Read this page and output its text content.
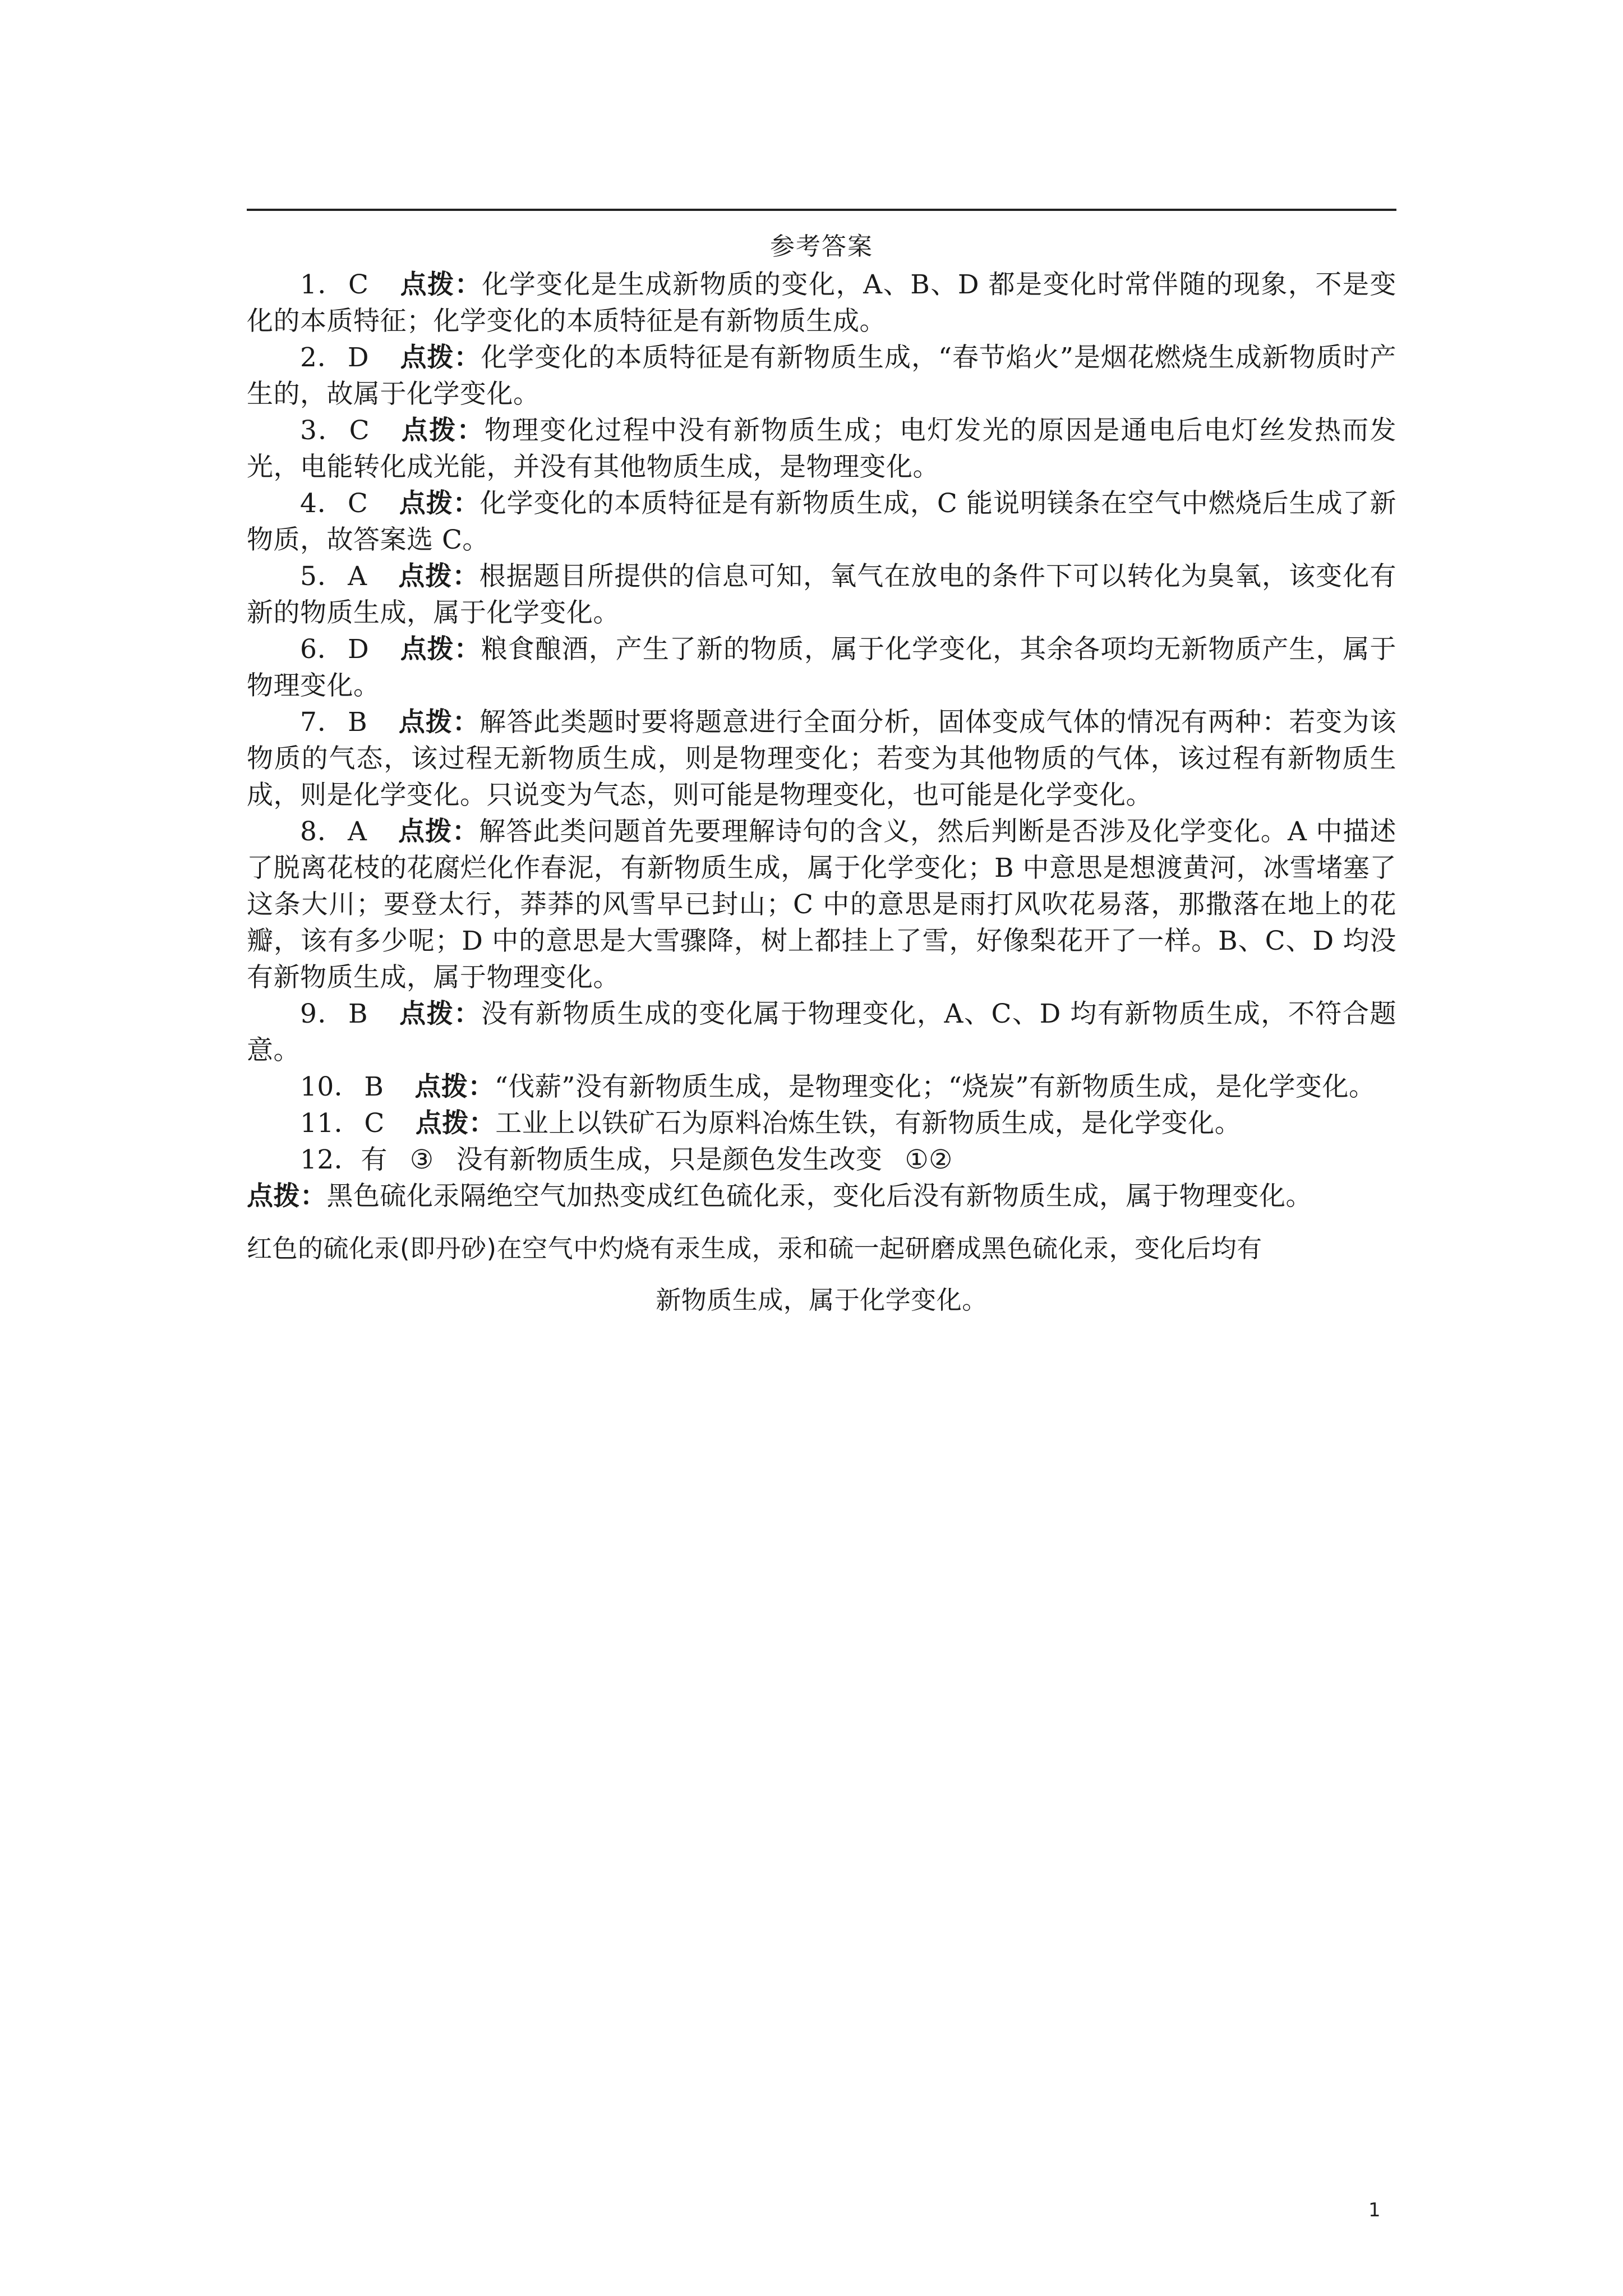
参考答案

1． C 点拨：化学变化是生成新物质的变化，A、B、D 都是变化时常伴随的现象，不是变化的本质特征；化学变化的本质特征是有新物质生成。

2． D 点拨：化学变化的本质特征是有新物质生成，“春节焰火”是烟花燃烧生成新物质时产生的，故属于化学变化。

3． C 点拨：物理变化过程中没有新物质生成；电灯发光的原因是通电后电灯丝发热而发光，电能转化成光能，并没有其他物质生成，是物理变化。

4． C 点拨：化学变化的本质特征是有新物质生成，C 能说明镁条在空气中燃烧后生成了新物质，故答案选 C。

5． A 点拨：根据题目所提供的信息可知，氧气在放电的条件下可以转化为臭氧，该变化有新的物质生成，属于化学变化。

6． D 点拨：粮食酿酒，产生了新的物质，属于化学变化，其余各项均无新物质产生，属于物理变化。

7． B 点拨：解答此类题时要将题意进行全面分析，固体变成气体的情况有两种：若变为该物质的气态，该过程无新物质生成，则是物理变化；若变为其他物质的气体，该过程有新物质生成，则是化学变化。只说变为气态，则可能是物理变化，也可能是化学变化。

8． A 点拨：解答此类问题首先要理解诗句的含义，然后判断是否涉及化学变化。A 中描述了脱离花枝的花腐烂化作春泥，有新物质生成，属于化学变化；B 中意思是想渡黄河，冰雪堵塞了这条大川；要登太行，莽莽的风雪早已封山；C 中的意思是雨打风吹花易落，那撒落在地上的花瓣，该有多少呢；D 中的意思是大雪骤降，树上都挂上了雪，好像梨花开了一样。B、C、D 均没有新物质生成，属于物理变化。

9． B 点拨：没有新物质生成的变化属于物理变化，A、C、D 均有新物质生成，不符合题意。

10． B 点拨：“伐薪”没有新物质生成，是物理变化；“烧炭”有新物质生成，是化学变化。

11． C 点拨：工业上以铁矿石为原料冶炼生铁，有新物质生成，是化学变化。

12．有 ③ 没有新物质生成，只是颜色发生改变 ①②

点拨：黑色硫化汞隔绝空气加热变成红色硫化汞，变化后没有新物质生成，属于物理变化。

红色的硫化汞(即丹砂)在空气中灼烧有汞生成，汞和硫一起研磨成黑色硫化汞，变化后均有

新物质生成，属于化学变化。

1
